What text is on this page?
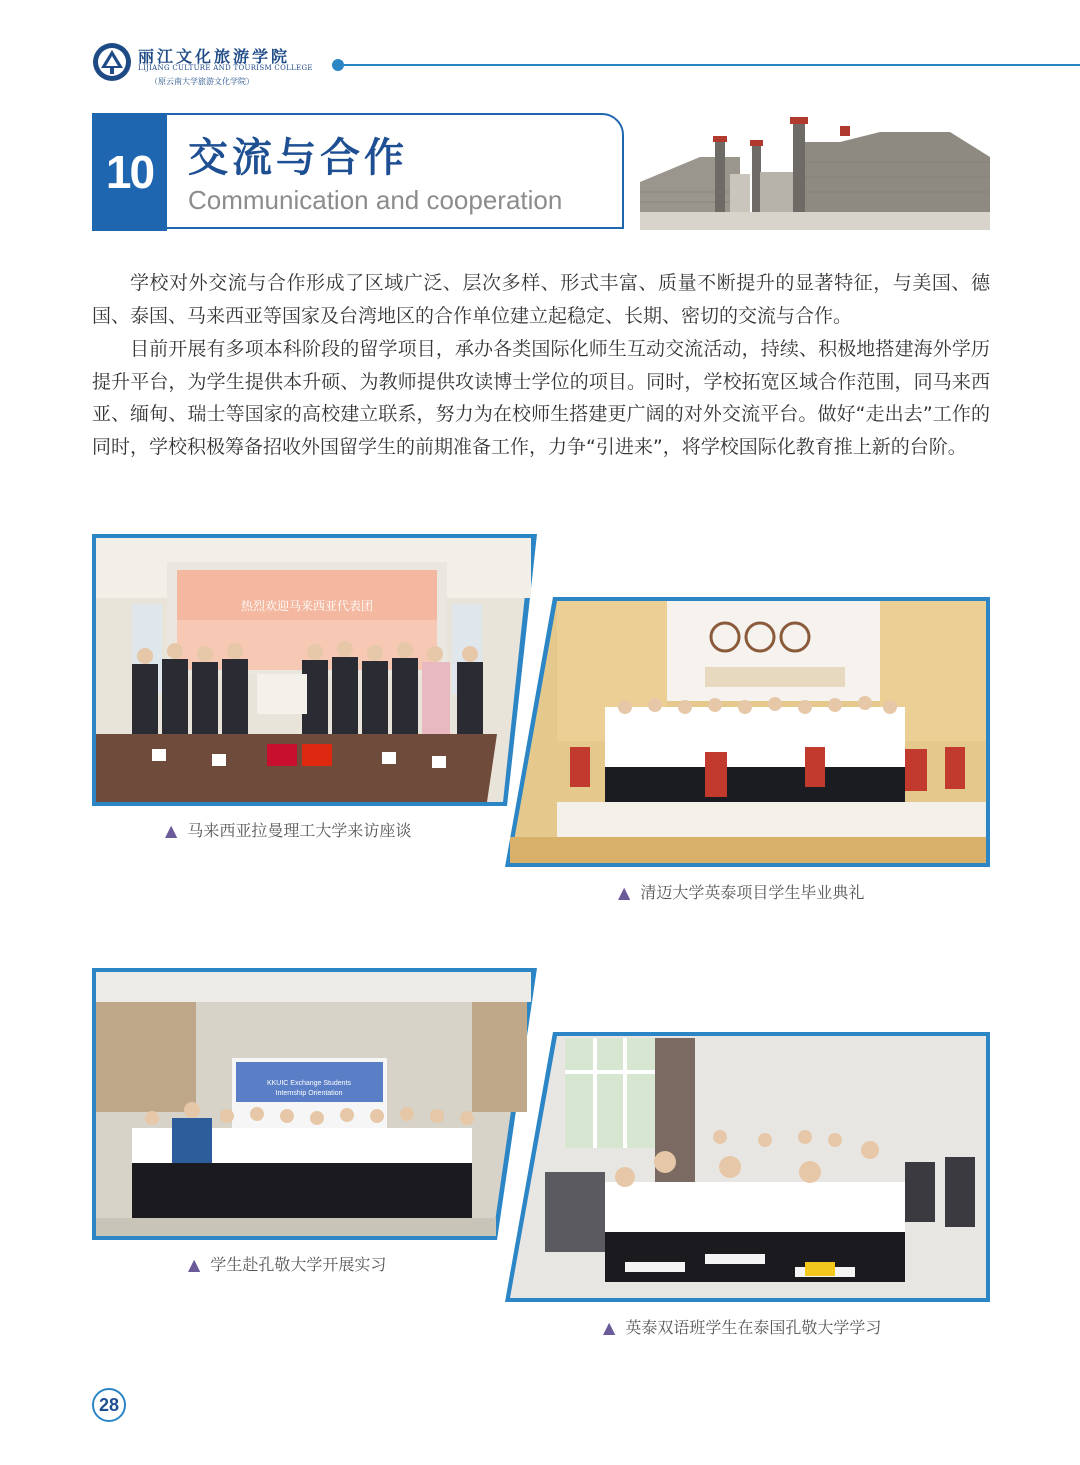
丽江文化旅游学院
LIJIANG CULTURE AND TOURISM COLLEGE
（原云南大学旅游文化学院）
10 交流与合作
Communication and cooperation

学校对外交流与合作形成了区域广泛、层次多样、形式丰富、质量不断提升的显著特征，与美国、德国、泰国、马来西亚等国家及台湾地区的合作单位建立起稳定、长期、密切的交流与合作。

目前开展有多项本科阶段的留学项目，承办各类国际化师生互动交流活动，持续、积极地搭建海外学历提升平台，为学生提供本升硕、为教师提供攻读博士学位的项目。同时，学校拓宽区域合作范围，同马来西亚、缅甸、瑞士等国家的高校建立联系，努力为在校师生搭建更广阔的对外交流平台。做好“走出去”工作的同时，学校积极筹备招收外国留学生的前期准备工作，力争“引进来”，将学校国际化教育推上新的台阶。

热烈欢迎马来西亚代表团
▲ 马来西亚拉曼理工大学来访座谈
▲ 清迈大学英泰项目学生毕业典礼
KKUIC Exchange Students
Internship Orientation
▲ 学生赴孔敬大学开展实习
▲ 英泰双语班学生在泰国孔敬大学学习
28
